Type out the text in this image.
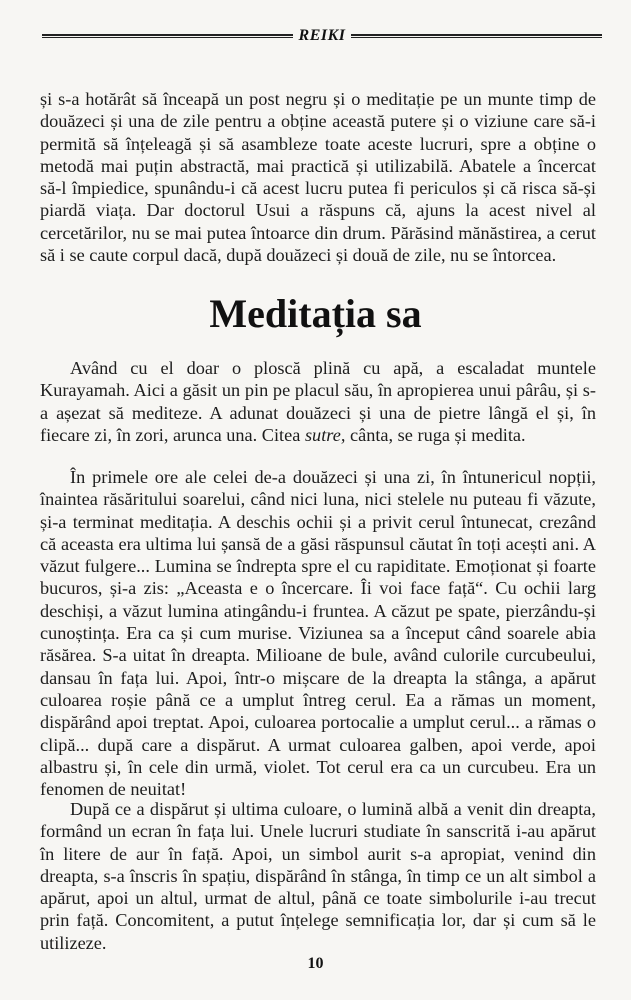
REIKI

și s-a hotărât să înceapă un post negru și o meditație pe un munte timp de douăzeci și una de zile pentru a obține această putere și o viziune care să-i permită să înțeleagă și să asambleze toate aceste lucruri, spre a obține o metodă mai puțin abstractă, mai practică și utilizabilă. Abatele a încercat să-l împiedice, spunându-i că acest lucru putea fi periculos și că risca să-și piardă viața. Dar doctorul Usui a răspuns că, ajuns la acest nivel al cercetărilor, nu se mai putea întoarce din drum. Părăsind mănăstirea, a cerut să i se caute corpul dacă, după douăzeci și două de zile, nu se întorcea.

Meditația sa

Având cu el doar o ploscă plină cu apă, a escaladat muntele Kurayamah. Aici a găsit un pin pe placul său, în apropierea unui pârâu, și s-a așezat să mediteze. A adunat douăzeci și una de pietre lângă el și, în fiecare zi, în zori, arunca una. Citea sutre, cânta, se ruga și medita.

În primele ore ale celei de-a douăzeci și una zi, în întunericul nopții, înaintea răsăritului soarelui, când nici luna, nici stelele nu puteau fi văzute, și-a terminat meditația. A deschis ochii și a privit cerul întunecat, crezând că aceasta era ultima lui șansă de a găsi răspunsul căutat în toți acești ani. A văzut fulgere... Lumina se îndrepta spre el cu rapiditate. Emoționat și foarte bucuros, și-a zis: „Aceasta e o încercare. Îi voi face față“. Cu ochii larg deschiși, a văzut lumina atingându-i fruntea. A căzut pe spate, pierzându-și cunoștința. Era ca și cum murise. Viziunea sa a început când soarele abia răsărea. S-a uitat în dreapta. Milioane de bule, având culorile curcubeului, dansau în fața lui. Apoi, într-o mișcare de la dreapta la stânga, a apărut culoarea roșie până ce a umplut întreg cerul. Ea a rămas un moment, dispărând apoi treptat. Apoi, culoarea portocalie a umplut cerul... a rămas o clipă... după care a dispărut. A urmat culoarea galben, apoi verde, apoi albastru și, în cele din urmă, violet. Tot cerul era ca un curcubeu. Era un fenomen de neuitat!

După ce a dispărut și ultima culoare, o lumină albă a venit din dreapta, formând un ecran în fața lui. Unele lucruri studiate în sanscrită i-au apărut în litere de aur în față. Apoi, un simbol aurit s-a apropiat, venind din dreapta, s-a înscris în spațiu, dispărând în stânga, în timp ce un alt simbol a apărut, apoi un altul, urmat de altul, până ce toate simbolurile i-au trecut prin față. Concomitent, a putut înțelege semnificația lor, dar și cum să le utilizeze.

10
